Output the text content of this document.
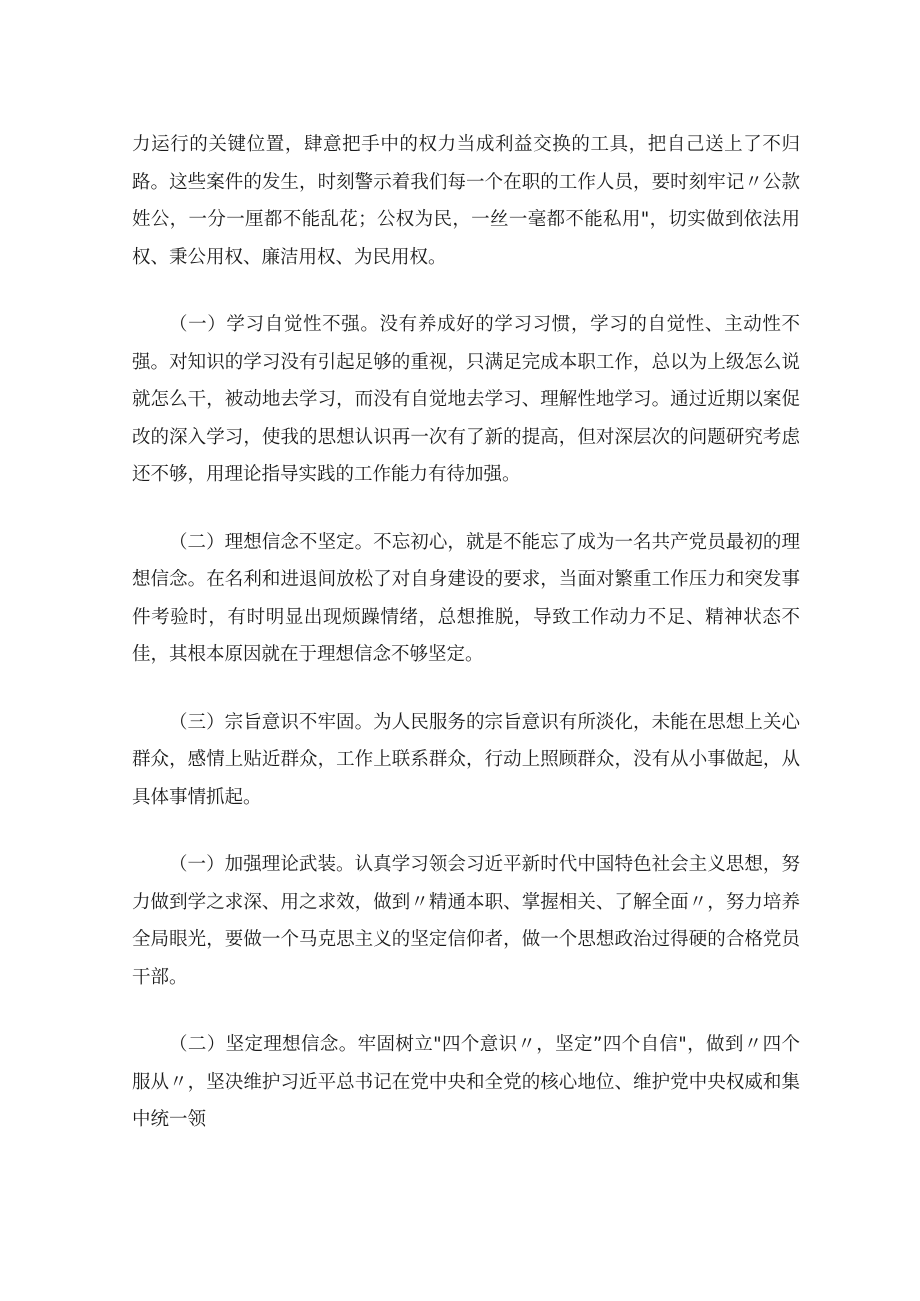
力运行的关键位置，肆意把手中的权力当成利益交换的工具，把自己送上了不归路。这些案件的发生，时刻警示着我们每一个在职的工作人员，要时刻牢记〃公款姓公，一分一厘都不能乱花；公权为民，一丝一毫都不能私用"，切实做到依法用权、秉公用权、廉洁用权、为民用权。

（一）学习自觉性不强。没有养成好的学习习惯，学习的自觉性、主动性不强。对知识的学习没有引起足够的重视，只满足完成本职工作，总以为上级怎么说就怎么干，被动地去学习，而没有自觉地去学习、理解性地学习。通过近期以案促改的深入学习，使我的思想认识再一次有了新的提高，但对深层次的问题研究考虑还不够，用理论指导实践的工作能力有待加强。

（二）理想信念不坚定。不忘初心，就是不能忘了成为一名共产党员最初的理想信念。在名利和进退间放松了对自身建设的要求，当面对繁重工作压力和突发事件考验时，有时明显出现烦躁情绪，总想推脱，导致工作动力不足、精神状态不佳，其根本原因就在于理想信念不够坚定。

（三）宗旨意识不牢固。为人民服务的宗旨意识有所淡化，未能在思想上关心群众，感情上贴近群众，工作上联系群众，行动上照顾群众，没有从小事做起，从具体事情抓起。

（一）加强理论武装。认真学习领会习近平新时代中国特色社会主义思想，努力做到学之求深、用之求效，做到〃精通本职、掌握相关、了解全面〃，努力培养全局眼光，要做一个马克思主义的坚定信仰者，做一个思想政治过得硬的合格党员干部。

（二）坚定理想信念。牢固树立"四个意识〃，坚定”四个自信"，做到〃四个服从〃，坚决维护习近平总书记在党中央和全党的核心地位、维护党中央权威和集中统一领
